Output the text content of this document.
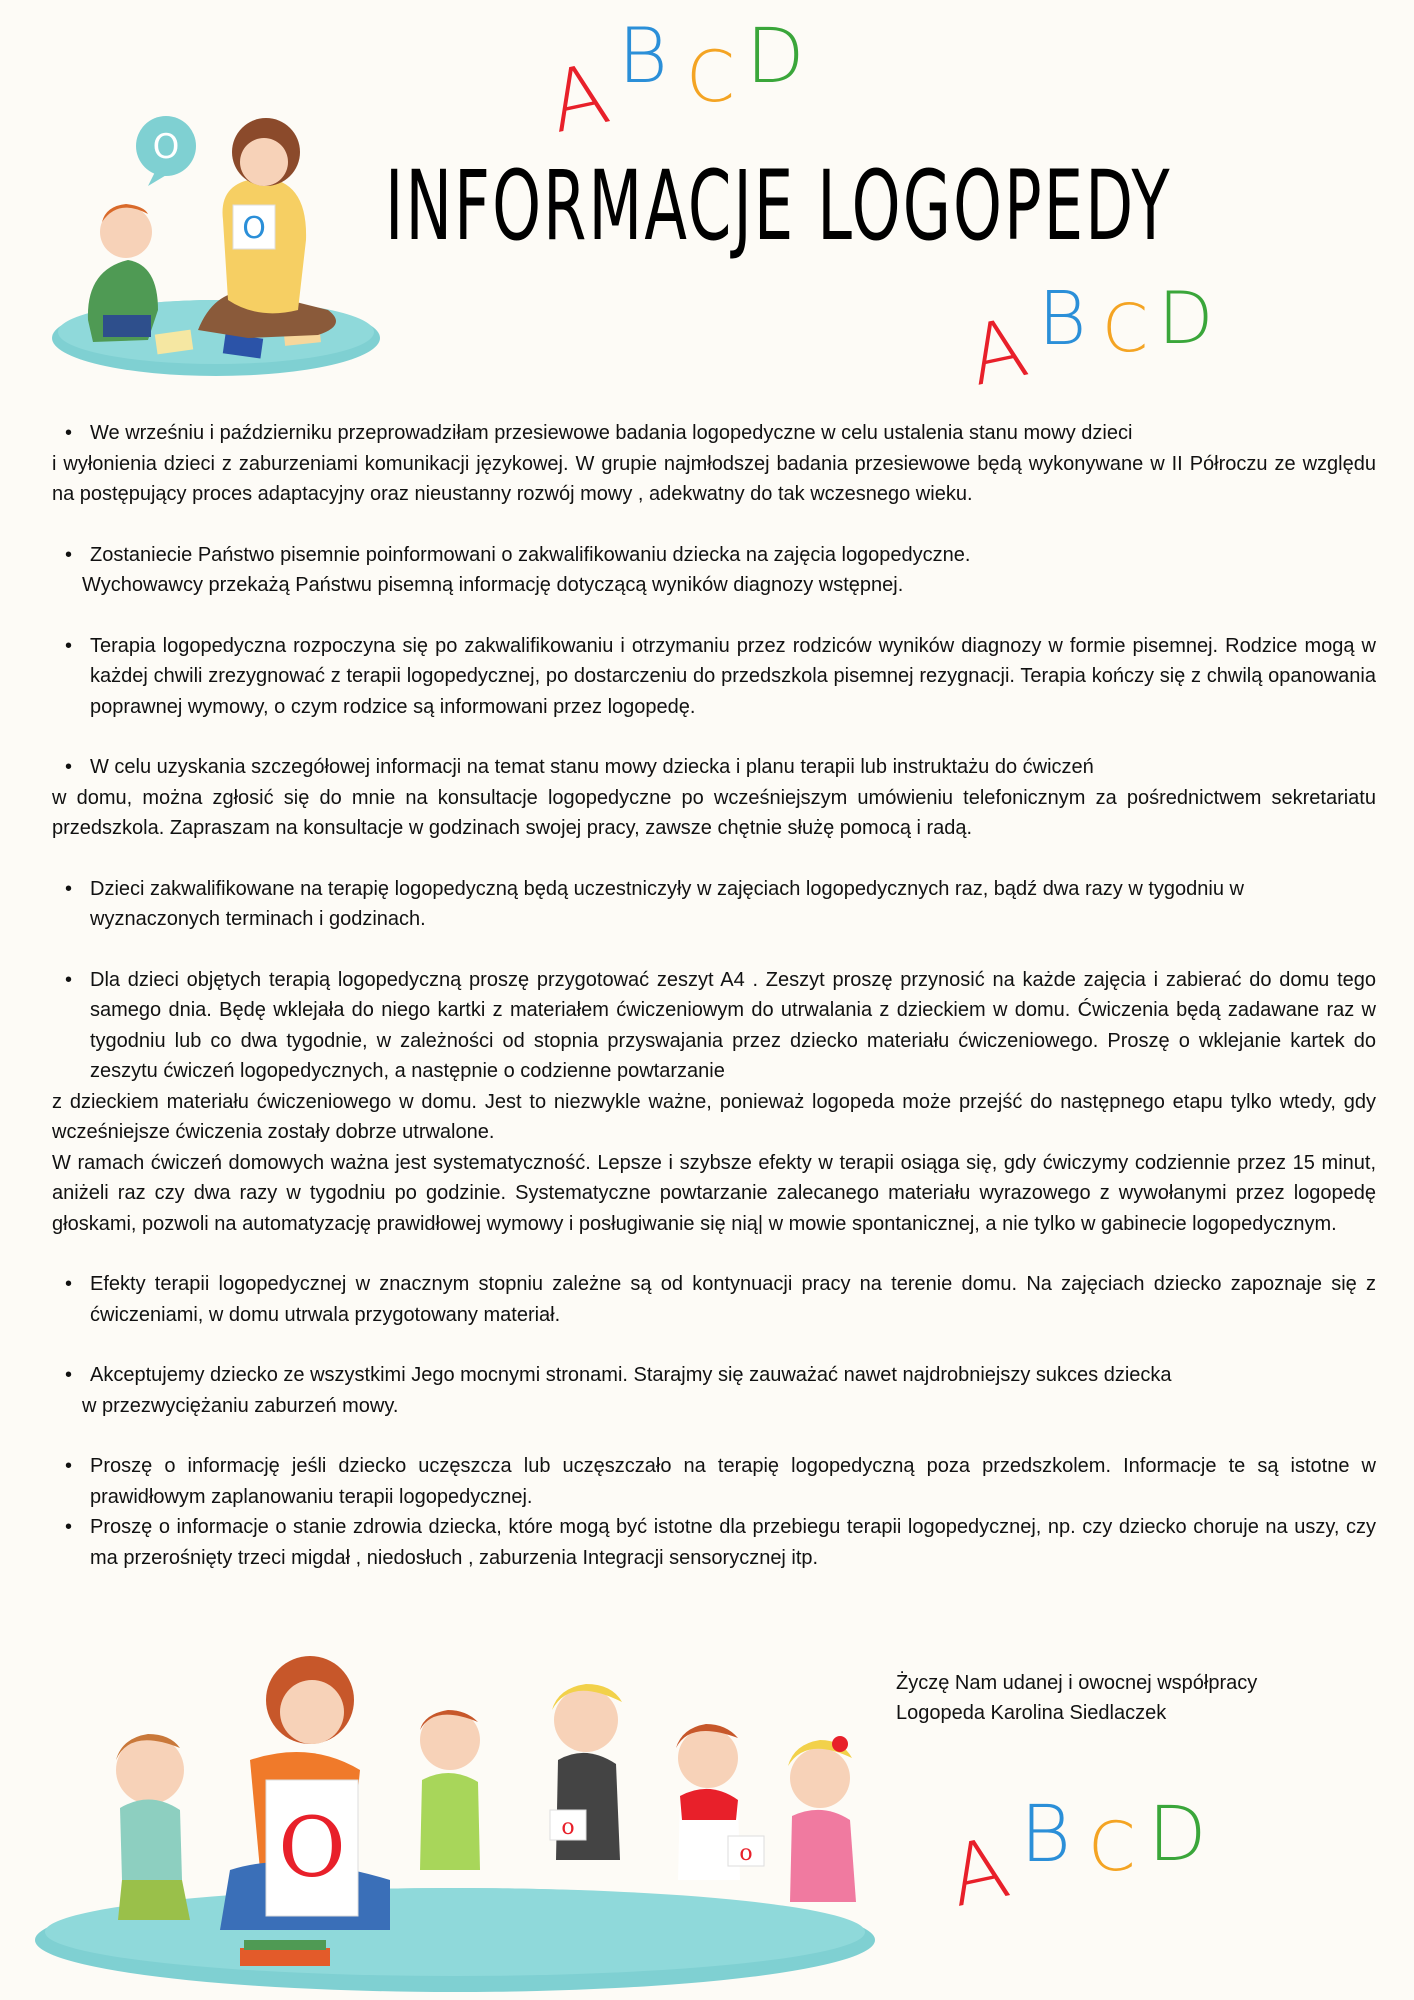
A B C D
A B C D
A B C D
INFORMACJE LOGOPEDY
O
O
• We wrześniu i październiku przeprowadziłam przesiewowe badania logopedyczne w celu ustalenia stanu mowy dzieci
i wyłonienia dzieci z zaburzeniami komunikacji językowej. W grupie najmłodszej badania przesiewowe będą wykonywane w II Półroczu ze względu na postępujący proces adaptacyjny oraz nieustanny rozwój mowy , adekwatny do tak wczesnego wieku.
• Zostaniecie Państwo pisemnie poinformowani o zakwalifikowaniu dziecka na zajęcia logopedyczne.
Wychowawcy przekażą Państwu pisemną informację dotyczącą wyników diagnozy wstępnej.
• Terapia logopedyczna rozpoczyna się po zakwalifikowaniu i otrzymaniu przez rodziców wyników diagnozy w formie pisemnej. Rodzice mogą w każdej chwili zrezygnować z terapii logopedycznej, po dostarczeniu do przedszkola pisemnej rezygnacji. Terapia kończy się z chwilą opanowania poprawnej wymowy, o czym rodzice są informowani przez logopedę.
• W celu uzyskania szczegółowej informacji na temat stanu mowy dziecka i planu terapii lub instruktażu do ćwiczeń
w domu, można zgłosić się do mnie na konsultacje logopedyczne po wcześniejszym umówieniu telefonicznym za pośrednictwem sekretariatu przedszkola. Zapraszam na konsultacje w godzinach swojej pracy, zawsze chętnie służę pomocą i radą.
• Dzieci zakwalifikowane na terapię logopedyczną będą uczestniczyły w zajęciach logopedycznych raz, bądź dwa razy w tygodniu w wyznaczonych terminach i godzinach.
• Dla dzieci objętych terapią logopedyczną proszę przygotować zeszyt A4 . Zeszyt proszę przynosić na każde zajęcia i zabierać do domu tego samego dnia. Będę wklejała do niego kartki z materiałem ćwiczeniowym do utrwalania z dzieckiem w domu. Ćwiczenia będą zadawane raz w tygodniu lub co dwa tygodnie, w zależności od stopnia przyswajania przez dziecko materiału ćwiczeniowego. Proszę o wklejanie kartek do zeszytu ćwiczeń logopedycznych, a następnie o codzienne powtarzanie
z dzieckiem materiału ćwiczeniowego w domu. Jest to niezwykle ważne, ponieważ logopeda może przejść do następnego etapu tylko wtedy, gdy wcześniejsze ćwiczenia zostały dobrze utrwalone.
W ramach ćwiczeń domowych ważna jest systematyczność. Lepsze i szybsze efekty w terapii osiąga się, gdy ćwiczymy codziennie przez 15 minut, aniżeli raz czy dwa razy w tygodniu po godzinie. Systematyczne powtarzanie zalecanego materiału wyrazowego z wywołanymi przez logopedę głoskami, pozwoli na automatyzację prawidłowej wymowy i posługiwanie się nią| w mowie spontanicznej, a nie tylko w gabinecie logopedycznym.
• Efekty terapii logopedycznej w znacznym stopniu zależne są od kontynuacji pracy na terenie domu. Na zajęciach dziecko zapoznaje się z ćwiczeniami, w domu utrwala przygotowany materiał.
• Akceptujemy dziecko ze wszystkimi Jego mocnymi stronami. Starajmy się zauważać nawet najdrobniejszy sukces dziecka
w przezwyciężaniu zaburzeń mowy.
• Proszę o informację jeśli dziecko uczęszcza lub uczęszczało na terapię logopedyczną poza przedszkolem. Informacje te są istotne w prawidłowym zaplanowaniu terapii logopedycznej.
• Proszę o informacje o stanie zdrowia dziecka, które mogą być istotne dla przebiegu terapii logopedycznej, np. czy dziecko choruje na uszy, czy ma przerośnięty trzeci migdał , niedosłuch , zaburzenia Integracji sensorycznej itp.
Życzę Nam udanej i owocnej współpracy
Logopeda Karolina Siedlaczek
O	o
o
